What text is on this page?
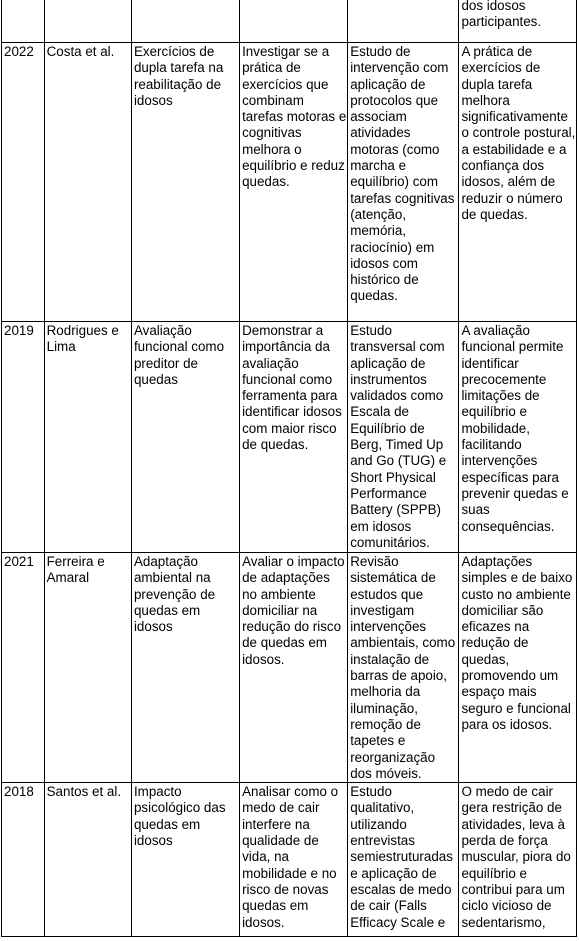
					dos idosos participantes.
2022	Costa et al.	Exercícios de dupla tarefa na reabilitação de idosos	Investigar se a prática de exercícios que combinam tarefas motoras e cognitivas melhora o equilíbrio e reduz quedas.	Estudo de intervenção com aplicação de protocolos que associam atividades motoras (como marcha e equilíbrio) com tarefas cognitivas (atenção, memória, raciocínio) em idosos com histórico de quedas.	A prática de exercícios de dupla tarefa melhora significativamente o controle postural, a estabilidade e a confiança dos idosos, além de reduzir o número de quedas.
2019	Rodrigues e Lima	Avaliação funcional como preditor de quedas	Demonstrar a importância da avaliação funcional como ferramenta para identificar idosos com maior risco de quedas.	Estudo transversal com aplicação de instrumentos validados como Escala de Equilíbrio de Berg, Timed Up and Go (TUG) e Short Physical Performance Battery (SPPB) em idosos comunitários.	A avaliação funcional permite identificar precocemente limitações de equilíbrio e mobilidade, facilitando intervenções específicas para prevenir quedas e suas consequências.
2021	Ferreira e Amaral	Adaptação ambiental na prevenção de quedas em idosos	Avaliar o impacto de adaptações no ambiente domiciliar na redução do risco de quedas em idosos.	Revisão sistemática de estudos que investigam intervenções ambientais, como instalação de barras de apoio, melhoria da iluminação, remoção de tapetes e reorganização dos móveis.	Adaptações simples e de baixo custo no ambiente domiciliar são eficazes na redução de quedas, promovendo um espaço mais seguro e funcional para os idosos.
2018	Santos et al.	Impacto psicológico das quedas em idosos	Analisar como o medo de cair interfere na qualidade de vida, na mobilidade e no risco de novas quedas em idosos.	Estudo qualitativo, utilizando entrevistas semiestruturadas e aplicação de escalas de medo de cair (Falls Efficacy Scale e	O medo de cair gera restrição de atividades, leva à perda de força muscular, piora do equilíbrio e contribui para um ciclo vicioso de sedentarismo,
